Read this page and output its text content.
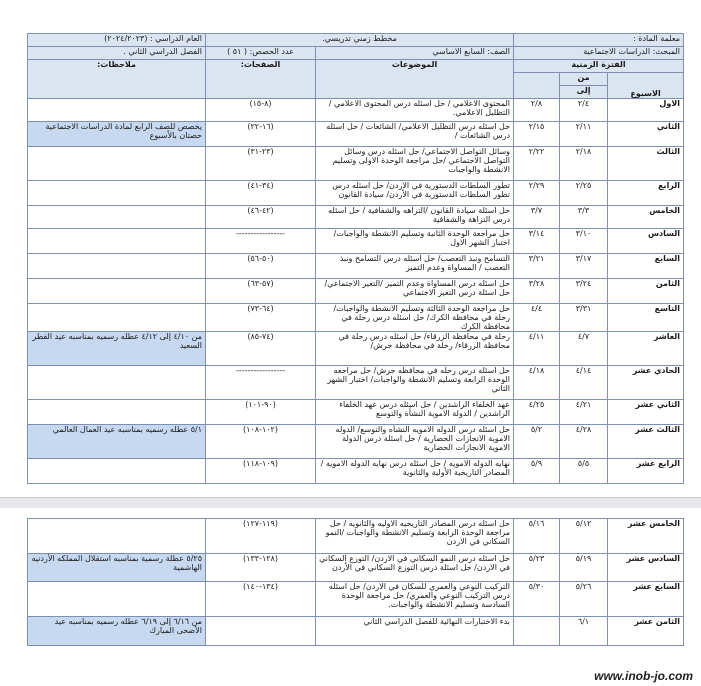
معلمة المادة :			مخطط زمني تدريسي.		العام الدراسي : (٢٠٢٤/٢٠٢٣)
المبحث: الدراسات الاجتماعية			الصف: السابع الاساسي	عدد الحصص: ( ٥١ )	الفصل الدراسي الثاني .
الفترة الزمنية			الموضوعات	الصفحات:	ملاحظات:
الاسبوع	من				
	إلى				
الاول	٢/٤	٢/٨	المحتوى الاعلامي / حل اسئله درس المحتوى الاعلامي / التظليل الاعلامي.	(٨-١٥)	
الثاني	٢/١١	٢/١٥	حل اسئله درس التظليل الاعلامي/ الشائعات / حل اسئله درس الشائعات /	(١٦-٢٢)	يخصص للصف الرابع لمادة الدراسات الاجتماعية حصتان بالأسبوع
الثالث	٢/١٨	٢/٢٢	وسائل التواصل الاجتماعي/ حل اسئله درس وسائل التواصل الاجتماعي /حل مراجعة الوحدة الاولى وتسليم الانشطة والواجبات	(٢٣-٣١)	
الرابع	٢/٢٥	٢/٢٩	تطور السلطات الدستورية في الاردن/ حل اسئله درس تطور السلطات الدستورية في الأردن/ سيادة القانون	(٣٤-٤١)	
الخامس	٣/٣	٣/٧	حل اسئلة سيادة القانون /التزاهه والشفافية / حل اسئله درس التزاهة والشفافية	(٤٢-٤٦)	
السادس	٣/١٠	٣/١٤	حل مراجعة الوحدة الثانية وتسليم الانشطة والواجبات/ اختبار الشهر الاول	-----------------	
السابع	٣/١٧	٣/٢١	التسامح ونبذ التعصب/ حل اسئله درس التسامح ونبذ التعصب / المساواة وعدم التميز	(٥٠-٥٦)	
الثامن	٣/٢٤	٣/٢٨	حل اسئله درس المساواة وعدم التميز /التغير الاجتماعي/ حل اسئلة درس التغير الاجتماعي	(٥٧-٦٣)	
التاسع	٣/٣١	٤/٤	حل مراجعة الوحدة الثالثة وتسليم الانشطة والواجبات/ رحلة في محافظة الكرك/ حل اسئله درس رحلة في محافظة الكرك	(٦٤-٧٣)	
العاشر	٤/٧	٤/١١	رحلة في محافظة الزرقاء/ حل اسئله درس رحلة في محافظة الزرقاء/ رحلة في محافظة جرش/	(٧٤-٨٥)	من ٤/١٠ إلى ٤/١٢ عطله رسميه بمناسبه عيد الفطر السعيد
الحادي عشر	٤/١٤	٤/١٨	حل اسئله درس رحله في محافظه جرش/ حل مراجعه الوحدة الرابعة وتسليم الانشطة والواجبات/ اختبار الشهر الثاني	-----------------	
الثاني عشر	٤/٢١	٤/٢٥	عهد الخلفاء الراشدين / حل اسئله درس عهد الخلفاء الراشدين / الدولة الاموية النشأة والتوسع	(٩٠-١٠١)	
الثالث عشر	٤/٢٨	٥/٢	حل اسئله درس الدوله الامويه النشأه والتوسع/ الدوله الاموية الانجازات الحضارية / حل اسئلة درس الدولة الاموية الانجازات الحضارية	(١٠٢-١٠٨)	٥/١ عطله رسميه بمناسبه عيد العمال العالمي
الرابع عشر	٥/٥	٥/٩	نهايه الدوله الامويه / حل اسئله درس نهايه الدوله الامويه / المصادر التاريخية الأولية والثانوية	(١٠٩-١١٨)	
الخامس عشر	٥/١٢	٥/١٦	حل اسئله درس المصادر التاريخيه الاوليه والثانويه / حل مراجعة الوحدة الرابعة وتسليم الانشطة والواجبات /النمو السكاني في الاردن	(١١٩-١٢٧)	
السادس عشر	٥/١٩	٥/٢٣	حل اسئله درس النمو السكاني في الاردن/ التوزع السكاني في الاردن/ حل اسئلة درس التوزع السكاني في الأردن	(١٢٨-١٣٣)	٥/٢٥ عطلة رسمية بمناسبه استقلال المملكه الأردنيه الهاشمية
السابع عشر	٥/٢٦	٥/٣٠	التركيب النوعي والعمري للسكان في الاردن/ حل اسئله درس التركيب النوعي والعمري/ حل مراجعة الوحدة السادسة وتسليم الانشطة والواجبات.	(١٣٤-١٤٠)	
الثامن عشر	٦/١		بدء الاختبارات النهائية للفصل الدراسي الثاني		من ٦/١٦ إلى ٦/١٩ عطله رسميه بمناسبه عيد الأضحى المبارك
www.inob-jo.com
